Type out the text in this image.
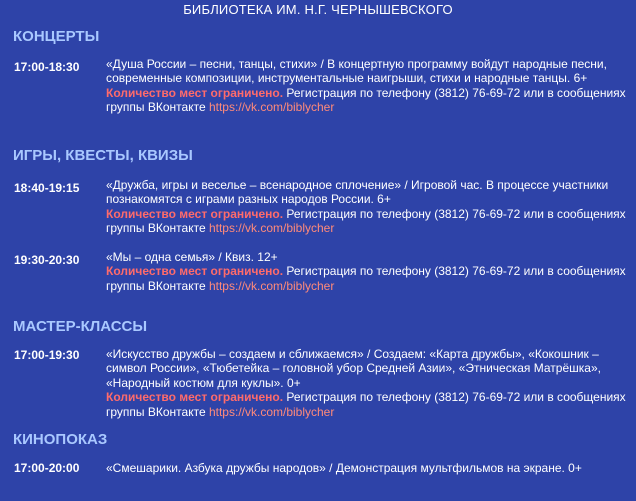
БИБЛИОТЕКА ИМ. Н.Г. ЧЕРНЫШЕВСКОГО
КОНЦЕРТЫ
17:00-18:30 «Душа России – песни, танцы, стихи» / В концертную программу войдут народные песни, современные композиции, инструментальные наигрыши, стихи и народные танцы. 6+
Количество мест ограничено. Регистрация по телефону (3812) 76-69-72 или в сообщениях группы ВКонтакте https://vk.com/biblycher
ИГРЫ, КВЕСТЫ, КВИЗЫ
18:40-19:15 «Дружба, игры и веселье – всенародное сплочение» / Игровой час. В процессе участники познакомятся с играми разных народов России. 6+
Количество мест ограничено. Регистрация по телефону (3812) 76-69-72 или в сообщениях группы ВКонтакте https://vk.com/biblycher
19:30-20:30 «Мы – одна семья» / Квиз. 12+
Количество мест ограничено. Регистрация по телефону (3812) 76-69-72 или в сообщениях группы ВКонтакте https://vk.com/biblycher
МАСТЕР-КЛАССЫ
17:00-19:30 «Искусство дружбы – создаем и сближаемся» / Создаем: «Карта дружбы», «Кокошник – символ России», «Тюбетейка – головной убор Средней Азии», «Этническая Матрёшка», «Народный костюм для куклы». 0+
Количество мест ограничено. Регистрация по телефону (3812) 76-69-72 или в сообщениях группы ВКонтакте https://vk.com/biblycher
КИНОПОКАЗ
17:00-20:00 «Смешарики. Азбука дружбы народов» / Демонстрация мультфильмов на экране. 0+
